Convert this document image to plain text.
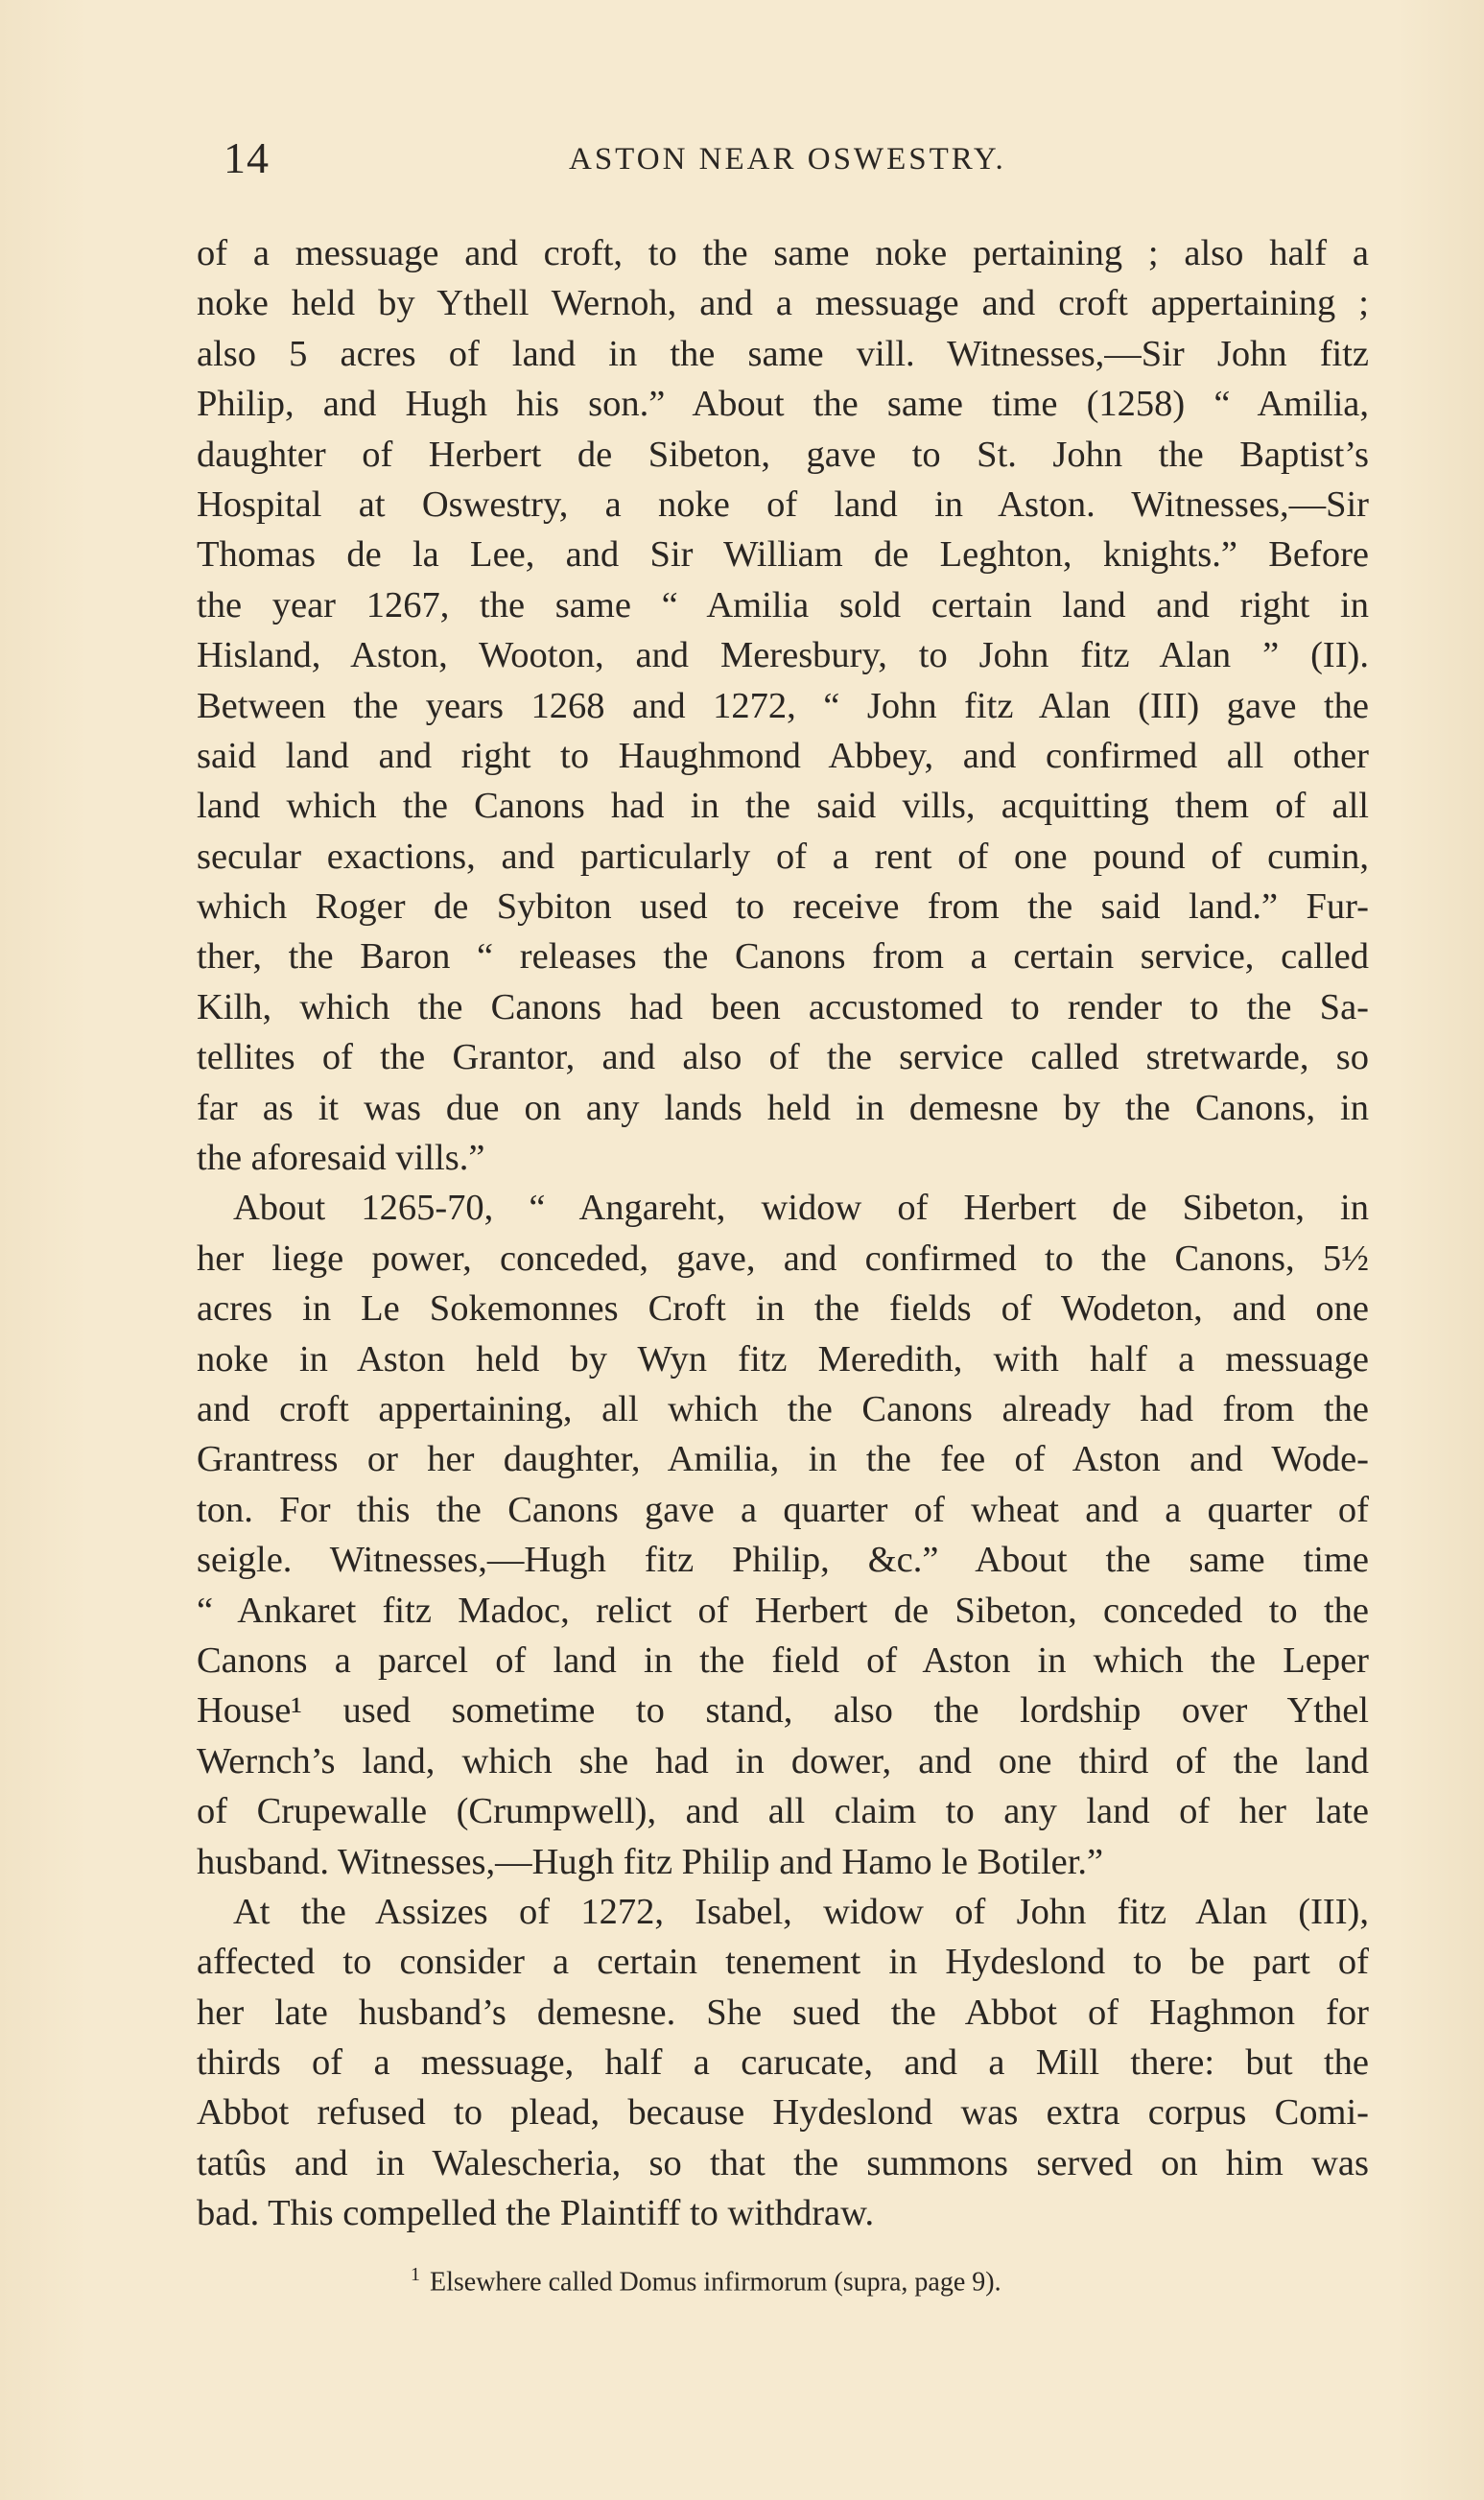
14	ASTON NEAR OSWESTRY.
of a messuage and croft, to the same noke pertaining ; also half a
noke held by Ythell Wernoh, and a messuage and croft appertaining ;
also 5 acres of land in the same vill. Witnesses,—Sir John fitz
Philip, and Hugh his son.” About the same time (1258) “ Amilia,
daughter of Herbert de Sibeton, gave to St. John the Baptist’s
Hospital at Oswestry, a noke of land in Aston. Witnesses,—Sir
Thomas de la Lee, and Sir William de Leghton, knights.” Before
the year 1267, the same “ Amilia sold certain land and right in
Hisland, Aston, Wooton, and Meresbury, to John fitz Alan ” (II).
Between the years 1268 and 1272, “ John fitz Alan (III) gave the
said land and right to Haughmond Abbey, and confirmed all other
land which the Canons had in the said vills, acquitting them of all
secular exactions, and particularly of a rent of one pound of cumin,
which Roger de Sybiton used to receive from the said land.” Fur-
ther, the Baron “ releases the Canons from a certain service, called
Kilh, which the Canons had been accustomed to render to the Sa-
tellites of the Grantor, and also of the service called stretwarde, so
far as it was due on any lands held in demesne by the Canons, in
the aforesaid vills.”
About 1265-70, “ Angareht, widow of Herbert de Sibeton, in
her liege power, conceded, gave, and confirmed to the Canons, 5½
acres in Le Sokemonnes Croft in the fields of Wodeton, and one
noke in Aston held by Wyn fitz Meredith, with half a messuage
and croft appertaining, all which the Canons already had from the
Grantress or her daughter, Amilia, in the fee of Aston and Wode-
ton. For this the Canons gave a quarter of wheat and a quarter of
seigle. Witnesses,—Hugh fitz Philip, &c.” About the same time
“ Ankaret fitz Madoc, relict of Herbert de Sibeton, conceded to the
Canons a parcel of land in the field of Aston in which the Leper
House¹ used sometime to stand, also the lordship over Ythel
Wernch’s land, which she had in dower, and one third of the land
of Crupewalle (Crumpwell), and all claim to any land of her late
husband. Witnesses,—Hugh fitz Philip and Hamo le Botiler.”
At the Assizes of 1272, Isabel, widow of John fitz Alan (III),
affected to consider a certain tenement in Hydeslond to be part of
her late husband’s demesne. She sued the Abbot of Haghmon for
thirds of a messuage, half a carucate, and a Mill there: but the
Abbot refused to plead, because Hydeslond was extra corpus Comi-
tatûs and in Walescheria, so that the summons served on him was
bad. This compelled the Plaintiff to withdraw.
$^1$ Elsewhere called Domus infirmorum (supra, page 9).
